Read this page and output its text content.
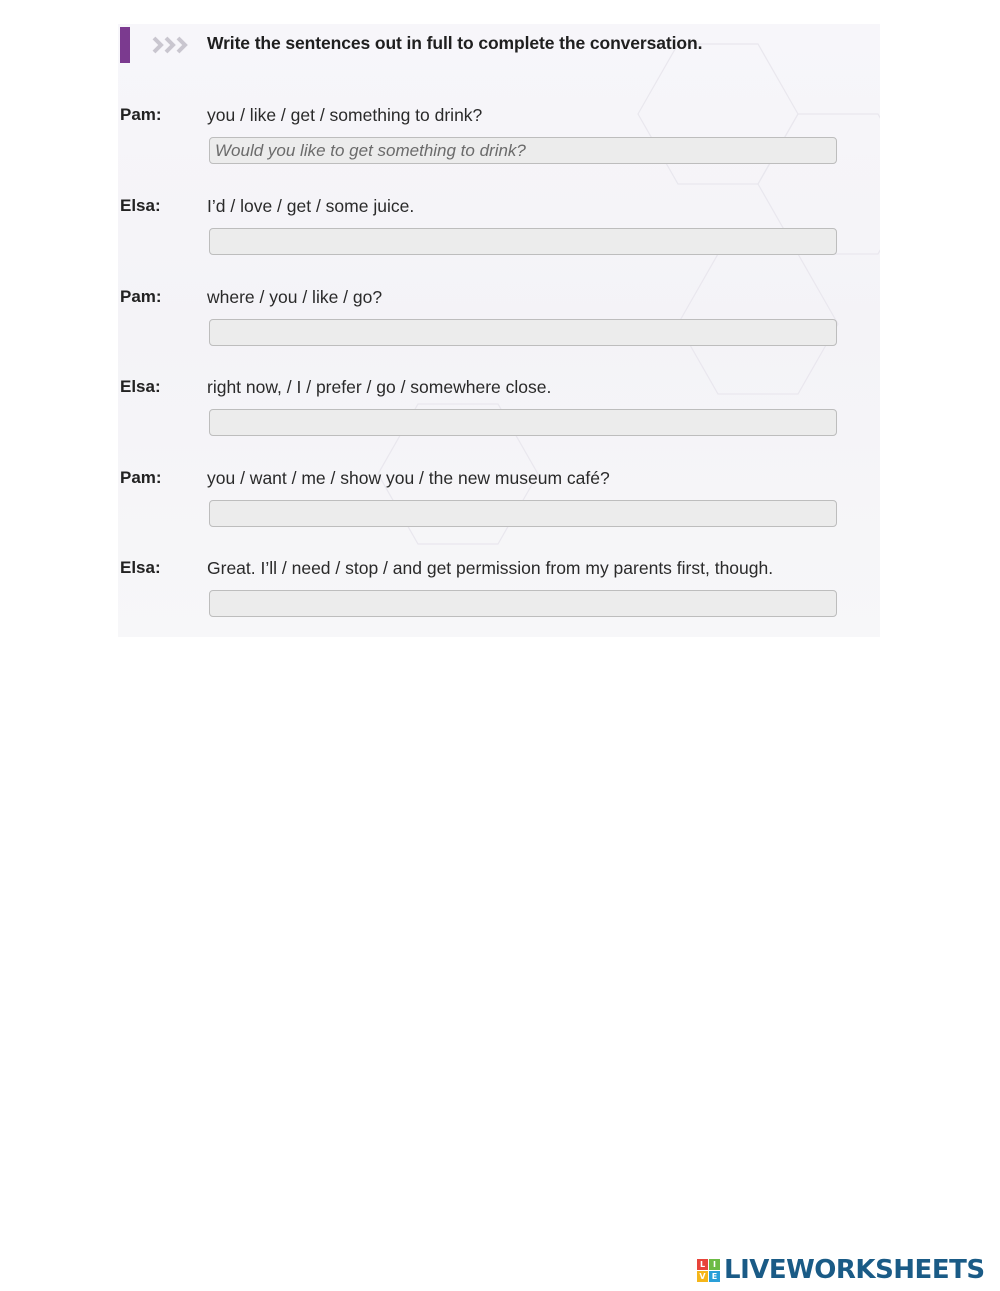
Write the sentences out in full to complete the conversation.
Pam:	you / like / get / something to drink?
Would you like to get something to drink?
Elsa:	I’d / love / get / some juice.
Pam:	where / you / like / go?
Elsa:	right now, / I / prefer / go / somewhere close.
Pam:	you / want / me / show you / the new museum café?
Elsa:	Great. I’ll / need / stop / and get permission from my parents first, though.
L I
V E LIVEWORKSHEETS
